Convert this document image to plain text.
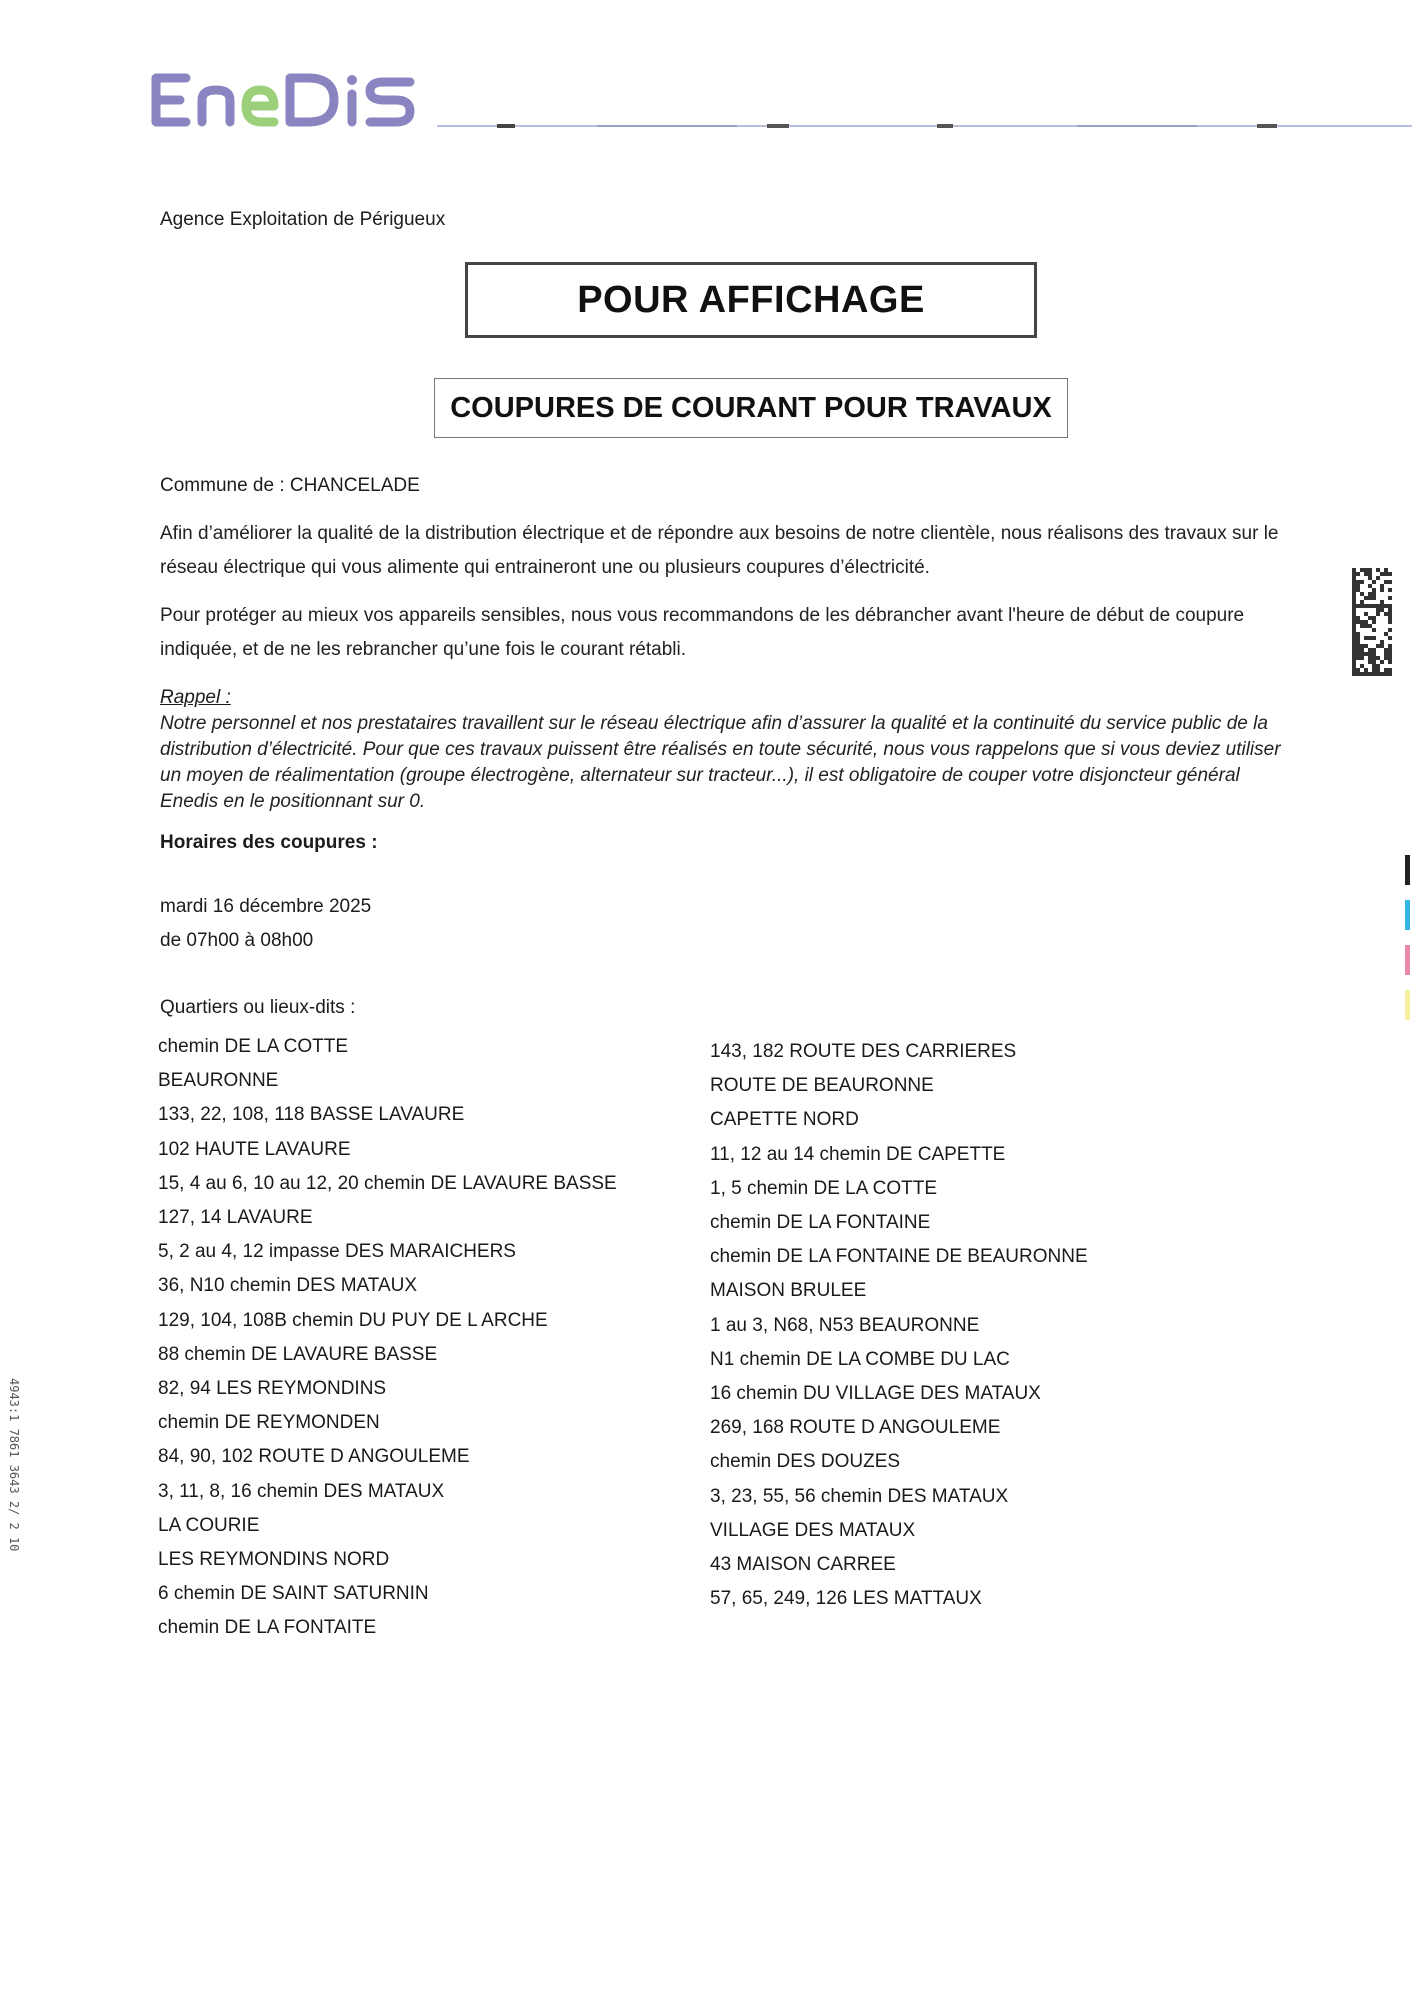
Agence Exploitation de Périgueux
POUR AFFICHAGE
COUPURES DE COURANT POUR TRAVAUX
Commune de : CHANCELADE
Afin d’améliorer la qualité de la distribution électrique et de répondre aux besoins de notre clientèle, nous réalisons des travaux sur le réseau électrique qui vous alimente qui entraineront une ou plusieurs coupures d’électricité.
Pour protéger au mieux vos appareils sensibles, nous vous recommandons de les débrancher avant l'heure de début de coupure indiquée, et de ne les rebrancher qu’une fois le courant rétabli.
Rappel :
Notre personnel et nos prestataires travaillent sur le réseau électrique afin d’assurer la qualité et la continuité du service public de la distribution d’électricité. Pour que ces travaux puissent être réalisés en toute sécurité, nous vous rappelons que si vous deviez utiliser un moyen de réalimentation (groupe électrogène, alternateur sur tracteur...), il est obligatoire de couper votre disjoncteur général Enedis en le positionnant sur 0.
Horaires des coupures :
mardi 16 décembre 2025
de 07h00 à 08h00
Quartiers ou lieux-dits :
chemin DE LA COTTE
BEAURONNE
133, 22, 108, 118 BASSE LAVAURE
102 HAUTE LAVAURE
15, 4 au 6, 10 au 12, 20 chemin DE LAVAURE BASSE
127, 14 LAVAURE
5, 2 au 4, 12 impasse DES MARAICHERS
36, N10 chemin DES MATAUX
129, 104, 108B chemin DU PUY DE L ARCHE
88 chemin DE LAVAURE BASSE
82, 94 LES REYMONDINS
chemin DE REYMONDEN
84, 90, 102 ROUTE D ANGOULEME
3, 11, 8, 16 chemin DES MATAUX
LA COURIE
LES REYMONDINS NORD
6 chemin DE SAINT SATURNIN
chemin DE LA FONTAITE
143, 182 ROUTE DES CARRIERES
ROUTE DE BEAURONNE
CAPETTE NORD
11, 12 au 14 chemin DE CAPETTE
1, 5 chemin DE LA COTTE
chemin DE LA FONTAINE
chemin DE LA FONTAINE DE BEAURONNE
MAISON BRULEE
1 au 3, N68, N53 BEAURONNE
N1 chemin DE LA COMBE DU LAC
16 chemin DU VILLAGE DES MATAUX
269, 168 ROUTE D ANGOULEME
chemin DES DOUZES
3, 23, 55, 56 chemin DES MATAUX
VILLAGE DES MATAUX
43 MAISON CARREE
57, 65, 249, 126 LES MATTAUX
4943:1 7861 3643 2/ 2 10
